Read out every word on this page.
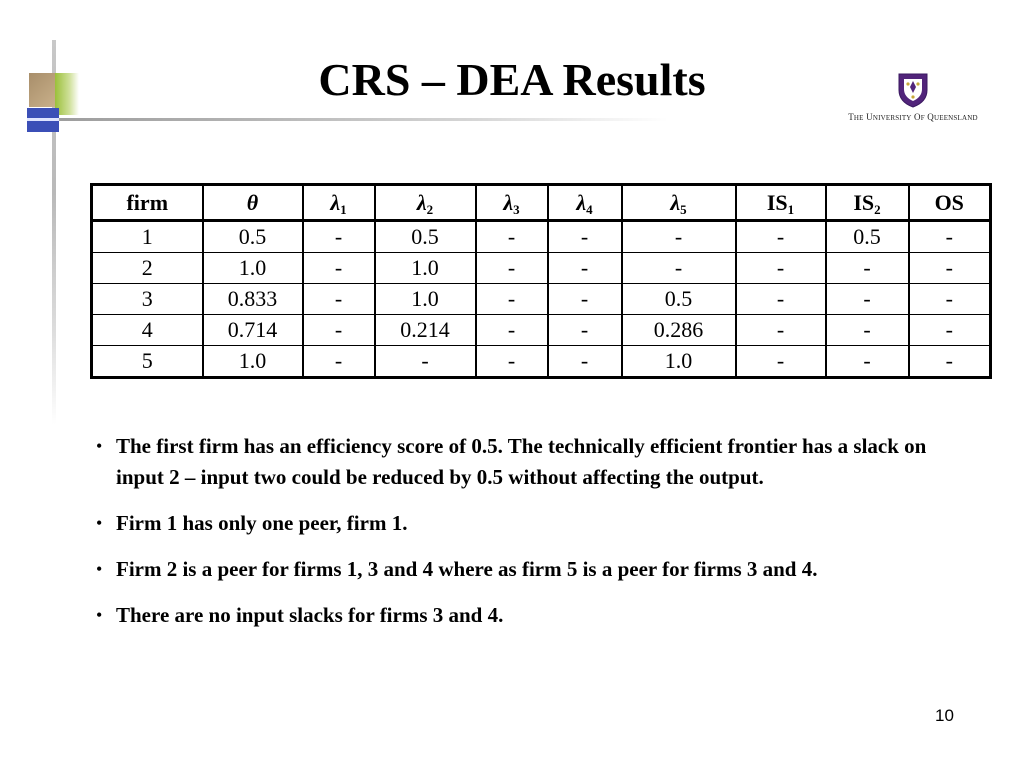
CRS – DEA Results
THE UNIVERSITY OF QUEENSLAND
firm	θ	$\lambda_1$	$\lambda_2$	$\lambda_3$	$\lambda_4$	$\lambda_5$	$IS_1$	$IS_2$	OS
1	0.5	-	0.5	-	-	-	-	0.5	-
2	1.0	-	1.0	-	-	-	-	-	-
3	0.833	-	1.0	-	-	0.5	-	-	-
4	0.714	-	0.214	-	-	0.286	-	-	-
5	1.0	-	-	-	-	1.0	-	-	-
• The first firm has an efficiency score of 0.5. The technically efficient frontier has a slack on input 2 – input two could be reduced by 0.5 without affecting the output.
• Firm 1 has only one peer, firm 1.
• Firm 2 is a peer for firms 1, 3 and 4 where as firm 5 is a peer for firms 3 and 4.
• There are no input slacks for firms 3 and 4.
10
